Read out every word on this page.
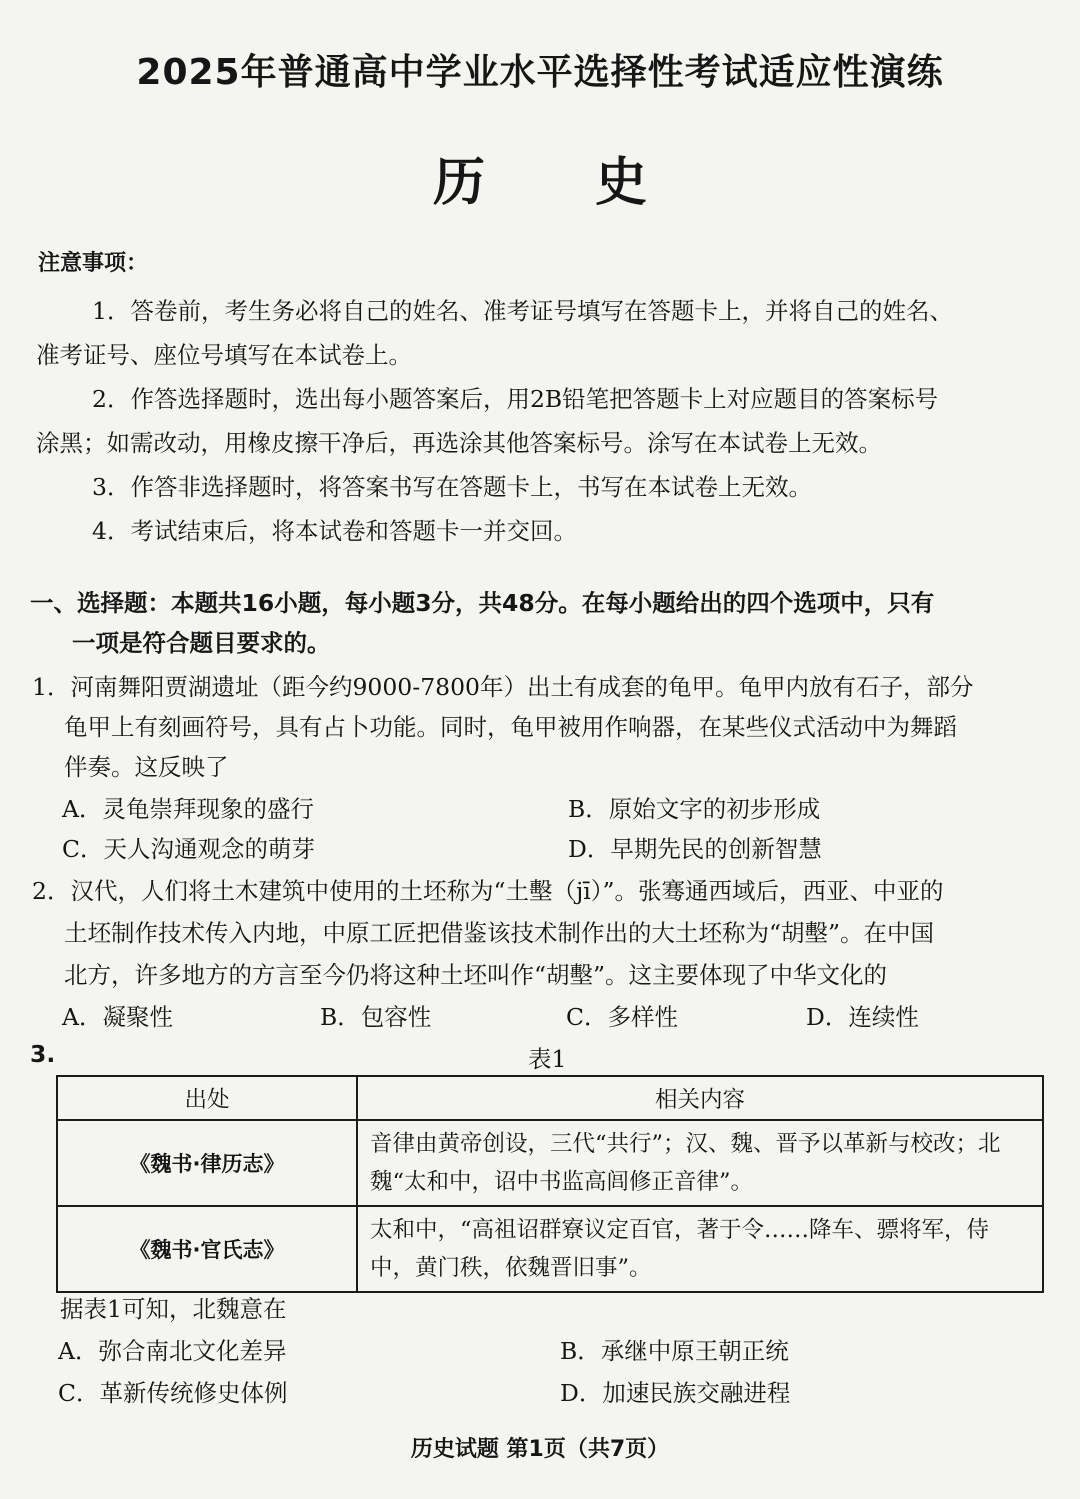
2025年普通高中学业水平选择性考试适应性演练
历史
注意事项：
1．答卷前，考生务必将自己的姓名、准考证号填写在答题卡上，并将自己的姓名、
准考证号、座位号填写在本试卷上。
2．作答选择题时，选出每小题答案后，用2B铅笔把答题卡上对应题目的答案标号
涂黑；如需改动，用橡皮擦干净后，再选涂其他答案标号。涂写在本试卷上无效。
3．作答非选择题时，将答案书写在答题卡上，书写在本试卷上无效。
4．考试结束后，将本试卷和答题卡一并交回。
一、选择题：本题共16小题，每小题3分，共48分。在每小题给出的四个选项中，只有
一项是符合题目要求的。
1．河南舞阳贾湖遗址（距今约9000-7800年）出土有成套的龟甲。龟甲内放有石子，部分
龟甲上有刻画符号，具有占卜功能。同时，龟甲被用作响器，在某些仪式活动中为舞蹈
伴奏。这反映了
A．灵龟崇拜现象的盛行	B．原始文字的初步形成
C．天人沟通观念的萌芽	D．早期先民的创新智慧
2．汉代，人们将土木建筑中使用的土坯称为“土墼（jī）”。张骞通西域后，西亚、中亚的
土坯制作技术传入内地，中原工匠把借鉴该技术制作出的大土坯称为“胡墼”。在中国
北方，许多地方的方言至今仍将这种土坯叫作“胡墼”。这主要体现了中华文化的
A．凝聚性	B．包容性	C．多样性	D．连续性
3.	表1
出处	相关内容
《魏书·律历志》	音律由黄帝创设，三代“共行”；汉、魏、晋予以革新与校改；北魏“太和中，诏中书监高闾修正音律”。
《魏书·官氏志》	太和中，“高祖诏群寮议定百官，著于令……降车、骠将军，侍中，黄门秩，依魏晋旧事”。
据表1可知，北魏意在
A．弥合南北文化差异	B．承继中原王朝正统
C．革新传统修史体例	D．加速民族交融进程
历史试题 第1页（共7页）
